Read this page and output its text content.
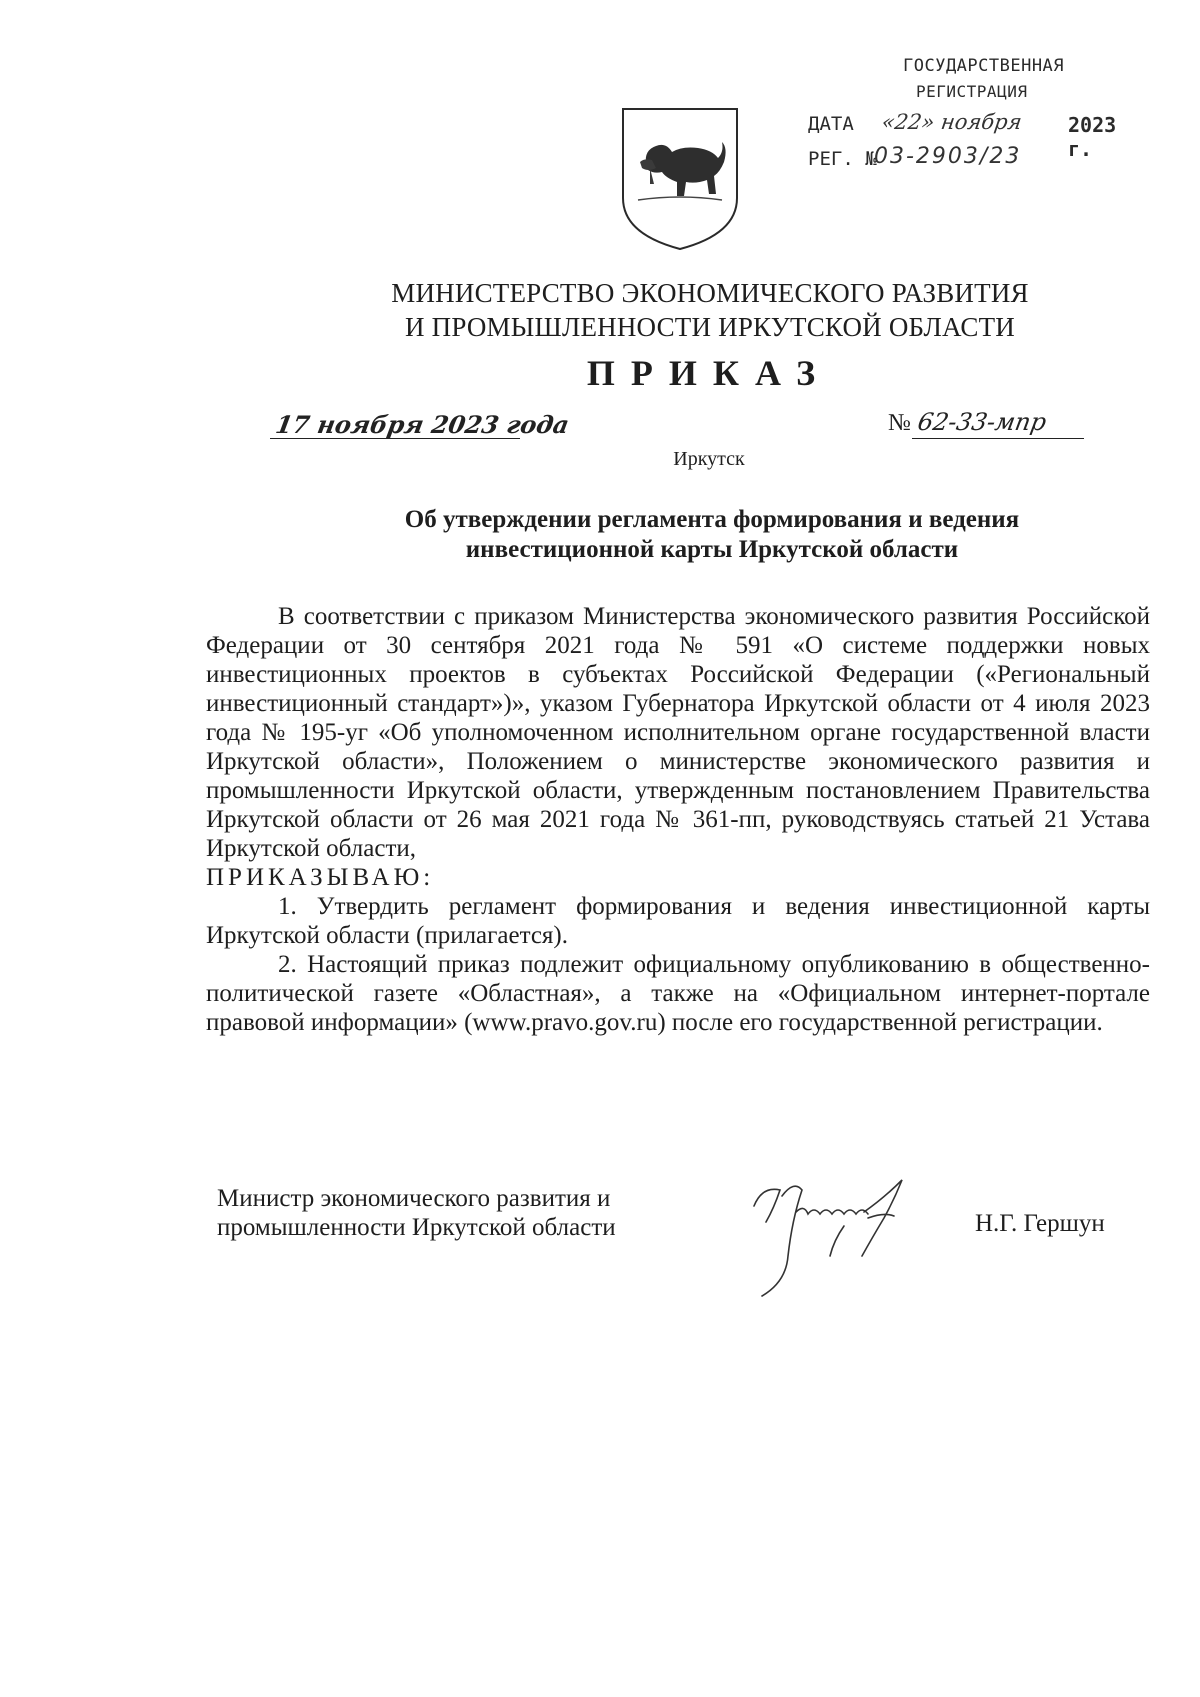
ГОСУДАРСТВЕННАЯ
РЕГИСТРАЦИЯ
ДАТА «22» ноября 2023 г.
РЕГ. №
03-2903/23
МИНИСТЕРСТВО ЭКОНОМИЧЕСКОГО РАЗВИТИЯ
И ПРОМЫШЛЕННОСТИ ИРКУТСКОЙ ОБЛАСТИ
ПРИКАЗ
17 ноября 2023 года	№ 62-33-мпр
Иркутск
Об утверждении регламента формирования и ведения
инвестиционной карты Иркутской области

В соответствии с приказом Министерства экономического развития Российской Федерации от 30 сентября 2021 года № 591 «О системе поддержки новых инвестиционных проектов в субъектах Российской Федерации («Региональный инвестиционный стандарт»)», указом Губернатора Иркутской области от 4 июля 2023 года № 195-уг «Об уполномоченном исполнительном органе государственной власти Иркутской области», Положением о министерстве экономического развития и промышленности Иркутской области, утвержденным постановлением Правительства Иркутской области от 26 мая 2021 года № 361-пп, руководствуясь статьей 21 Устава Иркутской области,

ПРИКАЗЫВАЮ:

1. Утвердить регламент формирования и ведения инвестиционной карты Иркутской области (прилагается).

2. Настоящий приказ подлежит официальному опубликованию в общественно-политической газете «Областная», а также на «Официальном интернет-портале правовой информации» (www.pravo.gov.ru) после его государственной регистрации.

Министр экономического развития и
промышленности Иркутской области	Н.Г. Гершун
